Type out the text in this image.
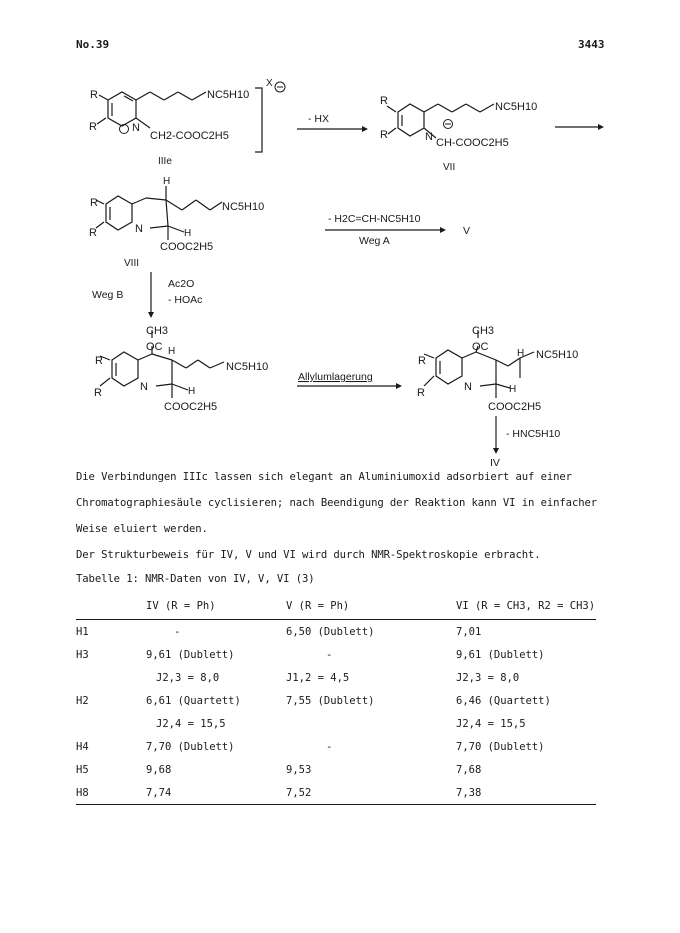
No.39	3443
R
R	N
NC5H10
CH2-COOC2H5
X
IIIe
- HX
R
R	N
NC5H10
CH-COOC2H5
VII
R
R	N
H
H
NC5H10
COOC2H5
VIII
- H2C=CH-NC5H10
Weg A
V
Weg B
Ac2O
- HOAc
CH3
OC
R
R	N
H
H
NC5H10
COOC2H5
Allylumlagerung
CH3
OC
R
R	N
H
H
NC5H10
COOC2H5
- HNC5H10
IV
Die Verbindungen IIIc lassen sich elegant an Aluminiumoxid adsorbiert auf einer
Chromatographiesäule cyclisieren; nach Beendigung der Reaktion kann VI in einfacher
Weise eluiert werden.
Der Strukturbeweis für IV, V und VI wird durch NMR-Spektroskopie erbracht.
Tabelle 1: NMR-Daten von IV, V, VI (3)
	IV (R = Ph)	V (R = Ph)	VI (R = CH3, R2 = CH3)
H1	-	6,50 (Dublett)	7,01
H3	9,61 (Dublett)	-	9,61 (Dublett)
	J2,3 = 8,0	J1,2 = 4,5	J2,3 = 8,0
H2	6,61 (Quartett)	7,55 (Dublett)	6,46 (Quartett)
	J2,4 = 15,5		J2,4 = 15,5
H4	7,70 (Dublett)	-	7,70 (Dublett)
H5	9,68	9,53	7,68
H8	7,74	7,52	7,38
